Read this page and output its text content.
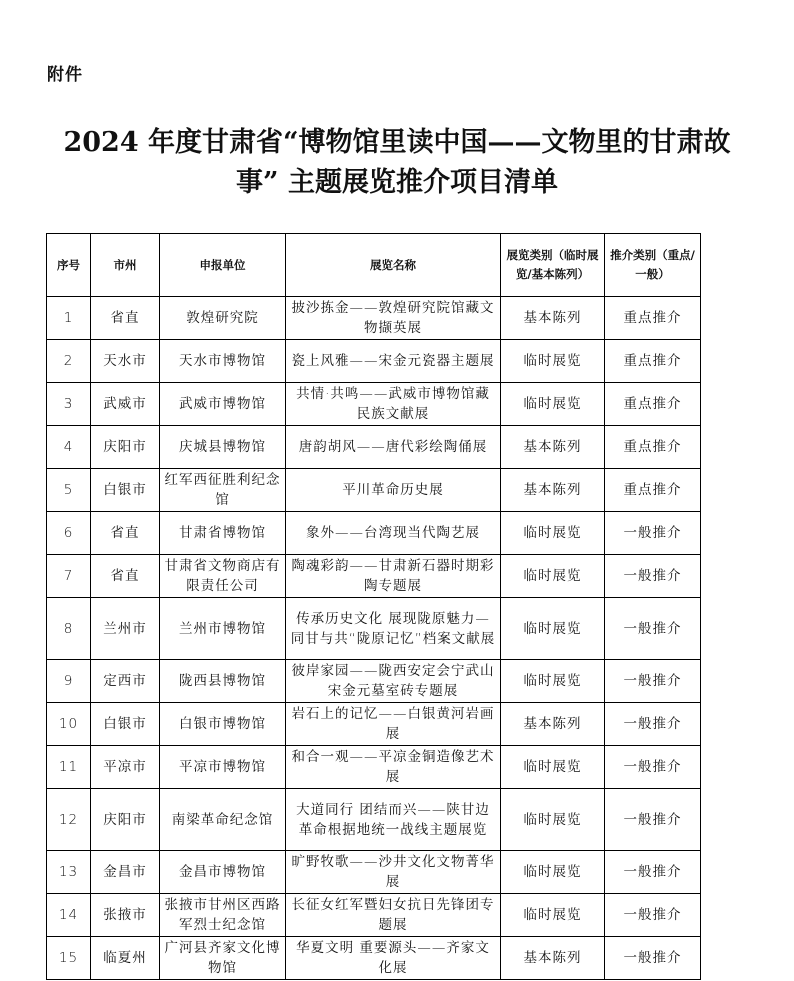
附件
2024 年度甘肃省“博物馆里读中国——文物里的甘肃故
事” 主题展览推介项目清单
序号	市州	申报单位	展览名称	展览类别（临时展览/基本陈列）	推介类别（重点/一般）
1	省直	敦煌研究院	披沙拣金——敦煌研究院馆藏文物撷英展	基本陈列	重点推介
2	天水市	天水市博物馆	瓷上风雅——宋金元瓷器主题展	临时展览	重点推介
3	武威市	武威市博物馆	共情·共鸣——武威市博物馆藏民族文献展	临时展览	重点推介
4	庆阳市	庆城县博物馆	唐韵胡风——唐代彩绘陶俑展	基本陈列	重点推介
5	白银市	红军西征胜利纪念馆	平川革命历史展	基本陈列	重点推介
6	省直	甘肃省博物馆	象外——台湾现当代陶艺展	临时展览	一般推介
7	省直	甘肃省文物商店有限责任公司	陶魂彩韵——甘肃新石器时期彩陶专题展	临时展览	一般推介
8	兰州市	兰州市博物馆	传承历史文化 展现陇原魅力—同甘与共“陇原记忆”档案文献展	临时展览	一般推介
9	定西市	陇西县博物馆	彼岸家园——陇西安定会宁武山宋金元墓室砖专题展	临时展览	一般推介
10	白银市	白银市博物馆	岩石上的记忆——白银黄河岩画展	基本陈列	一般推介
11	平凉市	平凉市博物馆	和合一观——平凉金铜造像艺术展	临时展览	一般推介
12	庆阳市	南梁革命纪念馆	大道同行 团结而兴——陕甘边革命根据地统一战线主题展览	临时展览	一般推介
13	金昌市	金昌市博物馆	旷野牧歌——沙井文化文物菁华展	临时展览	一般推介
14	张掖市	张掖市甘州区西路军烈士纪念馆	长征女红军暨妇女抗日先锋团专题展	临时展览	一般推介
15	临夏州	广河县齐家文化博物馆	华夏文明 重要源头——齐家文化展	基本陈列	一般推介
